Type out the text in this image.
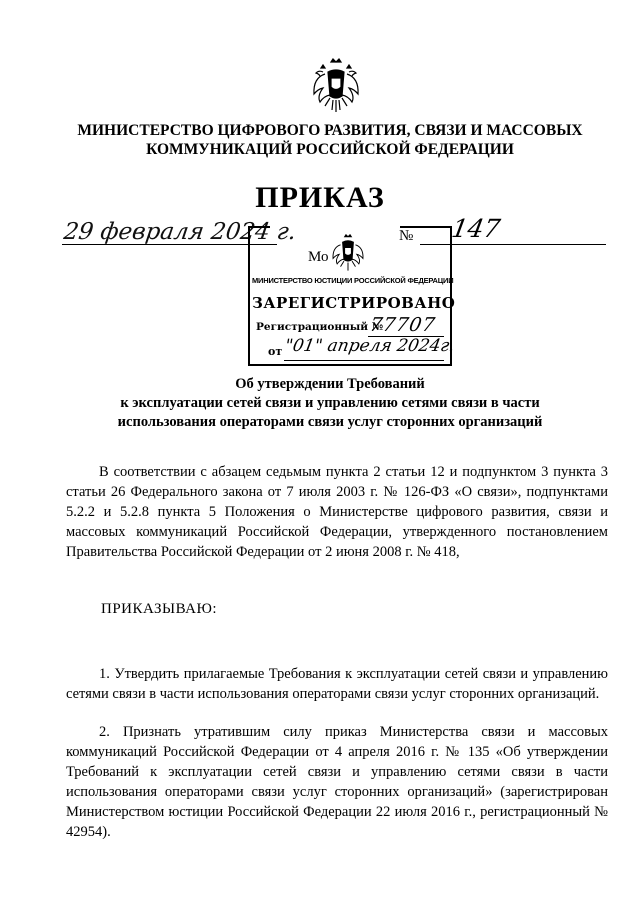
МИНИСТЕРСТВО ЦИФРОВОГО РАЗВИТИЯ, СВЯЗИ И МАССОВЫХ
КОММУНИКАЦИЙ РОССИЙСКОЙ ФЕДЕРАЦИИ
ПРИКАЗ
29 февраля 2024 г.	№ 147
Мо
МИНИСТЕРСТВО ЮСТИЦИИ РОССИЙСКОЙ ФЕДЕРАЦИИ
ЗАРЕГИСТРИРОВАНО
Регистрационный №
77707
от "01" апреля 2024г.
Об утверждении Требований
к эксплуатации сетей связи и управлению сетями связи в части
использования операторами связи услуг сторонних организаций
В соответствии с абзацем седьмым пункта 2 статьи 12 и подпунктом 3 пункта 3 статьи 26 Федерального закона от 7 июля 2003 г. № 126-ФЗ «О связи», подпунктами 5.2.2 и 5.2.8 пункта 5 Положения о Министерстве цифрового развития, связи и массовых коммуникаций Российской Федерации, утвержденного постановлением Правительства Российской Федерации от 2 июня 2008 г. № 418,
ПРИКАЗЫВАЮ:
1. Утвердить прилагаемые Требования к эксплуатации сетей связи и управлению сетями связи в части использования операторами связи услуг сторонних организаций.
2. Признать утратившим силу приказ Министерства связи и массовых коммуникаций Российской Федерации от 4 апреля 2016 г. № 135 «Об утверждении Требований к эксплуатации сетей связи и управлению сетями связи в части использования операторами связи услуг сторонних организаций» (зарегистрирован Министерством юстиции Российской Федерации 22 июля 2016 г., регистрационный № 42954).
